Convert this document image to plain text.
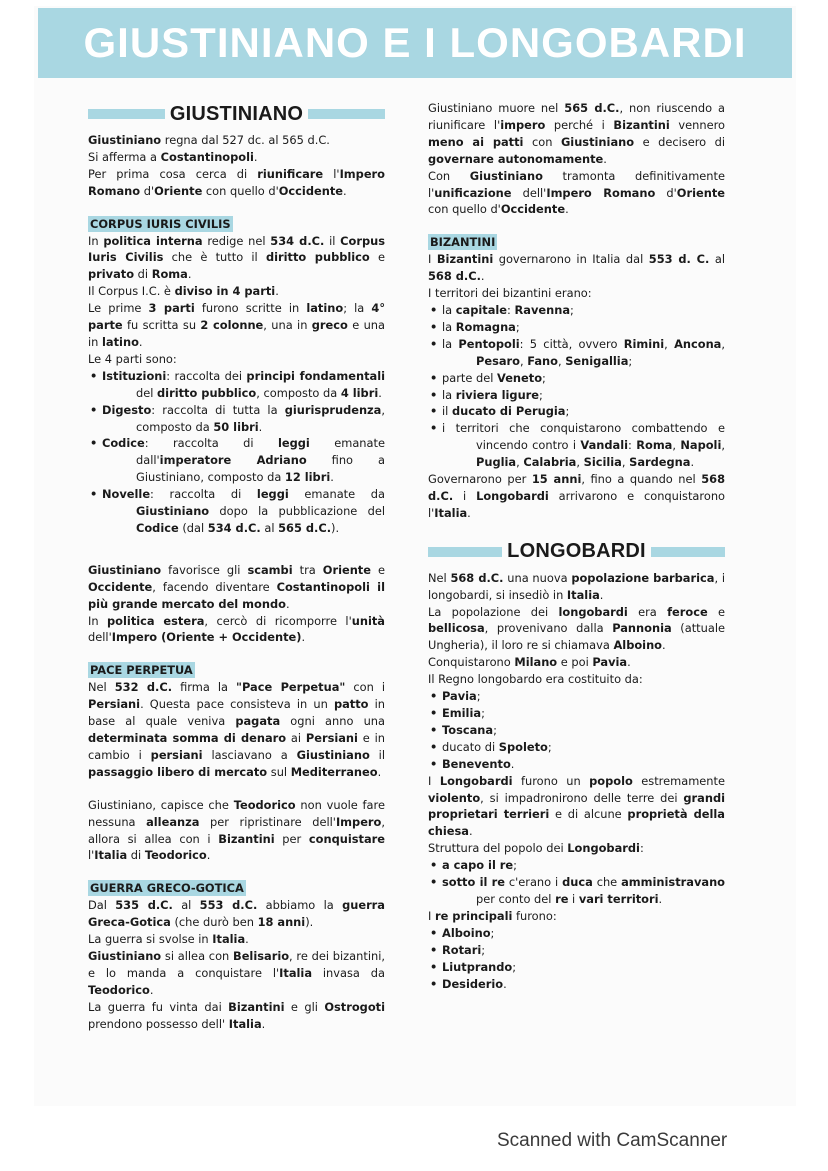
GIUSTINIANO E I LONGOBARDI
GIUSTINIANO

Giustiniano regna dal 527 dc. al 565 d.C.

Si afferma a Costantinopoli.

Per prima cosa cerca di riunificare l'Impero Romano d'Oriente con quello d'Occidente.

CORPUS IURIS CIVILIS

In politica interna redige nel 534 d.C. il Corpus Iuris Civilis che è tutto il diritto pubblico e privato di Roma.

Il Corpus I.C. è diviso in 4 parti.

Le prime 3 parti furono scritte in latino; la 4° parte fu scritta su 2 colonne, una in greco e una in latino.

Le 4 parti sono:

• Istituzioni: raccolta dei principi fondamentali del diritto pubblico, composto da 4 libri.
• Digesto: raccolta di tutta la giurisprudenza, composto da 50 libri.
• Codice: raccolta di leggi emanate dall'imperatore Adriano fino a Giustiniano, composto da 12 libri.
• Novelle: raccolta di leggi emanate da Giustiniano dopo la pubblicazione del Codice (dal 534 d.C. al 565 d.C.).

Giustiniano favorisce gli scambi tra Oriente e Occidente, facendo diventare Costantinopoli il più grande mercato del mondo.

In politica estera, cercò di ricomporre l'unità dell'Impero (Oriente + Occidente).

PACE PERPETUA

Nel 532 d.C. firma la "Pace Perpetua" con i Persiani. Questa pace consisteva in un patto in base al quale veniva pagata ogni anno una determinata somma di denaro ai Persiani e in cambio i persiani lasciavano a Giustiniano il passaggio libero di mercato sul Mediterraneo.

Giustiniano, capisce che Teodorico non vuole fare nessuna alleanza per ripristinare dell'Impero, allora si allea con i Bizantini per conquistare l'Italia di Teodorico.

GUERRA GRECO-GOTICA

Dal 535 d.C. al 553 d.C. abbiamo la guerra Greca-Gotica (che durò ben 18 anni).

La guerra si svolse in Italia.

Giustiniano si allea con Belisario, re dei bizantini, e lo manda a conquistare l'Italia invasa da Teodorico.

La guerra fu vinta dai Bizantini e gli Ostrogoti prendono possesso dell' Italia.

Giustiniano muore nel 565 d.C., non riuscendo a riunificare l'impero perché i Bizantini vennero meno ai patti con Giustiniano e decisero di governare autonomamente.

Con Giustiniano tramonta definitivamente l'unificazione dell'Impero Romano d'Oriente con quello d'Occidente.

BIZANTINI

I Bizantini governarono in Italia dal 553 d. C. al 568 d.C..

I territori dei bizantini erano:

• la capitale: Ravenna;
• la Romagna;
• la Pentopoli: 5 città, ovvero Rimini, Ancona, Pesaro, Fano, Senigallia;
• parte del Veneto;
• la riviera ligure;
• il ducato di Perugia;
• i territori che conquistarono combattendo e vincendo contro i Vandali: Roma, Napoli, Puglia, Calabria, Sicilia, Sardegna.

Governarono per 15 anni, fino a quando nel 568 d.C. i Longobardi arrivarono e conquistarono l'Italia.

LONGOBARDI

Nel 568 d.C. una nuova popolazione barbarica, i longobardi, si insediò in Italia.

La popolazione dei longobardi era feroce e bellicosa, provenivano dalla Pannonia (attuale Ungheria), il loro re si chiamava Alboino.

Conquistarono Milano e poi Pavia.

Il Regno longobardo era costituito da:

• Pavia;
• Emilia;
• Toscana;
• ducato di Spoleto;
• Benevento.

I Longobardi furono un popolo estremamente violento, si impadronirono delle terre dei grandi proprietari terrieri e di alcune proprietà della chiesa.

Struttura del popolo dei Longobardi:

• a capo il re;
• sotto il re c'erano i duca che amministravano per conto del re i vari territori.

I re principali furono:

• Alboino;
• Rotari;
• Liutprando;
• Desiderio.
Scanned with CamScanner
